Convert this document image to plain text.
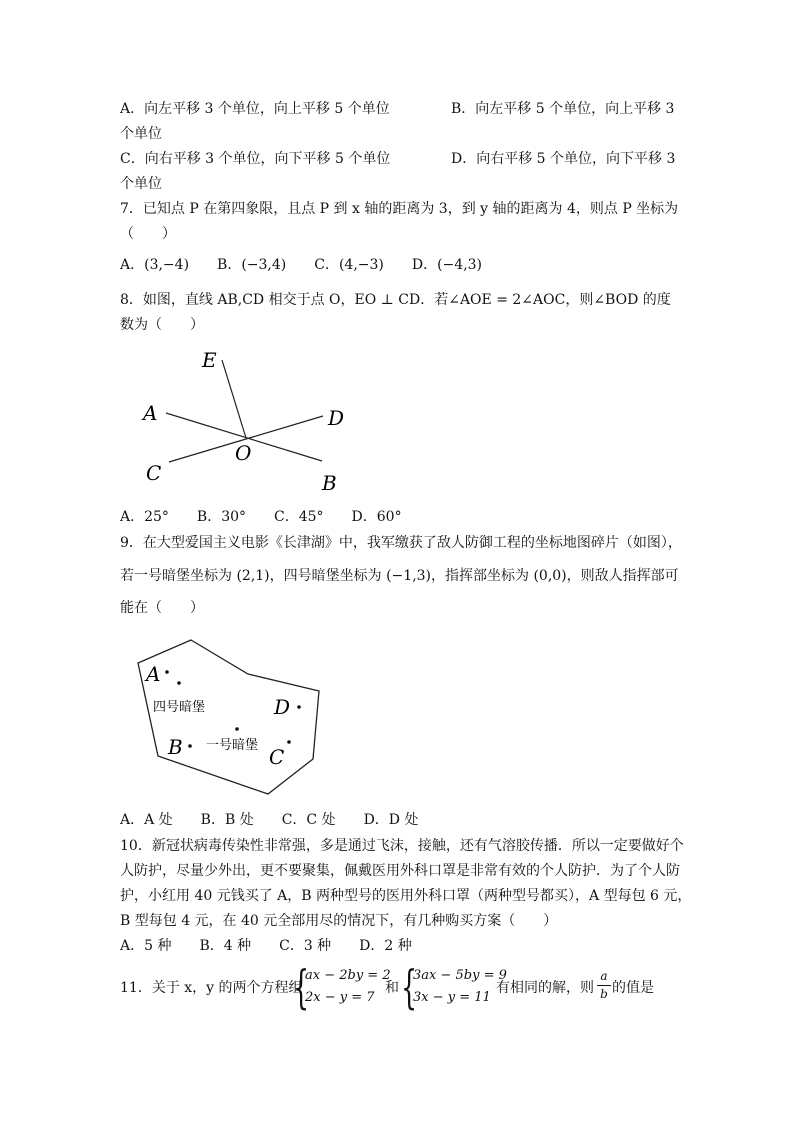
A．向左平移 3 个单位，向上平移 5 个单位	B．向左平移 5 个单位，向上平移 3
个单位
C．向右平移 3 个单位，向下平移 5 个单位	D．向右平移 5 个单位，向下平移 3
个单位
7．已知点 P 在第四象限，且点 P 到 x 轴的距离为 3，到 y 轴的距离为 4，则点 P 坐标为
（　　）
A．(3,−4)　　B．(−3,4)　　C．(4,−3)　　D．(−4,3)
8．如图，直线 AB,CD 相交于点 O，EO ⊥ CD．若∠AOE = 2∠AOC，则∠BOD 的度
数为（　　）
E
A	D
O
C	B
A．25°　　B．30°　　C．45°　　D．60°
9．在大型爱国主义电影《长津湖》中，我军缴获了敌人防御工程的坐标地图碎片（如图），
若一号暗堡坐标为 (2,1)，四号暗堡坐标为 (−1,3)，指挥部坐标为 (0,0)，则敌人指挥部可
能在（　　）
A
四号暗堡	D
一号暗堡
B	C
A．A 处　　B．B 处　　C．C 处　　D．D 处
10．新冠状病毒传染性非常强，多是通过飞沫，接触，还有气溶胶传播．所以一定要做好个
人防护，尽量少外出，更不要聚集，佩戴医用外科口罩是非常有效的个人防护．为了个人防
护，小红用 40 元钱买了 A，B 两种型号的医用外科口罩（两种型号都买），A 型每包 6 元，
B 型每包 4 元，在 40 元全部用尽的情况下，有几种购买方案（　　）
A．5 种　　B．4 种　　C．3 种　　D．2 种
11．关于 x，y 的两个方程组
{
ax − 2by = 2
2x − y = 7
和 {
3ax − 5by = 9
3x − y = 11
有相同的解，则
a
b 的值是
